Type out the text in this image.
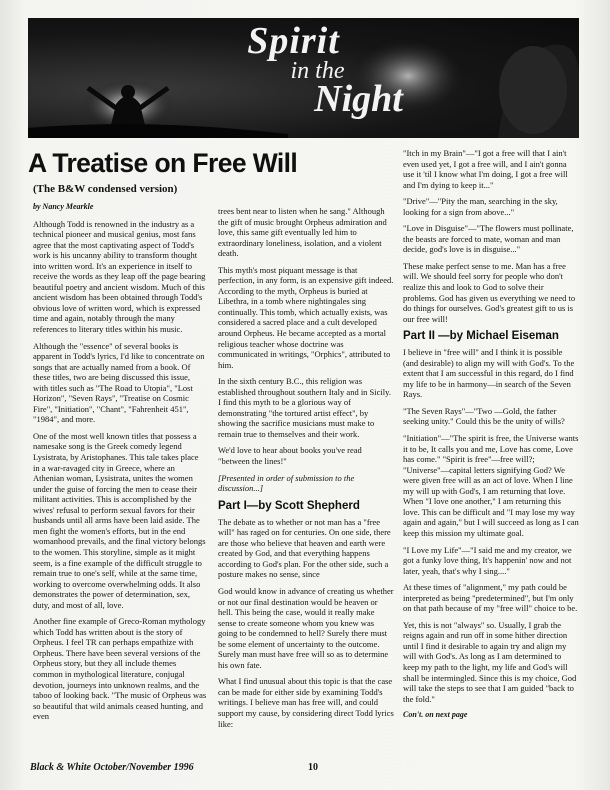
Spirit
in the
Night
A Treatise on Free Will

(The B&W condensed version)

by Nancy Mearkle

Although Todd is renowned in the industry as a technical pioneer and musical genius, most fans agree that the most captivating aspect of Todd's work is his uncanny ability to transform thought into written word. It's an experience in itself to receive the words as they leap off the page bearing beautiful poetry and ancient wisdom. Much of this ancient wisdom has been obtained through Todd's obvious love of written word, which is expressed time and again, notably through the many references to literary titles within his music.

Although the "essence" of several books is apparent in Todd's lyrics, I'd like to concentrate on songs that are actually named from a book. Of these titles, two are being discussed this issue, with titles such as "The Road to Utopia", "Lost Horizon", "Seven Rays", "Treatise on Cosmic Fire", "Initiation", "Chant", "Fahrenheit 451", "1984", and more.

One of the most well known titles that possess a namesake song is the Greek comedy legend Lysistrata, by Aristophanes. This tale takes place in a war-ravaged city in Greece, where an Athenian woman, Lysistrata, unites the women under the guise of forcing the men to cease their militant activities. This is accomplished by the wives' refusal to perform sexual favors for their husbands until all arms have been laid aside. The men fight the women's efforts, but in the end womanhood prevails, and the final victory belongs to the women. This storyline, simple as it might seem, is a fine example of the difficult struggle to remain true to one's self, while at the same time, working to overcome overwhelming odds. It also demonstrates the power of determination, sex, duty, and most of all, love.

Another fine example of Greco-Roman mythology which Todd has written about is the story of Orpheus. I feel TR can perhaps empathize with Orpheus. There have been several versions of the Orpheus story, but they all include themes common in mythological literature, conjugal devotion, journeys into unknown realms, and the taboo of looking back. "The music of Orpheus was so beautiful that wild animals ceased hunting, and even

trees bent near to listen when he sang." Although the gift of music brought Orpheus admiration and love, this same gift eventually led him to extraordinary loneliness, isolation, and a violent death.

This myth's most piquant message is that perfection, in any form, is an expensive gift indeed. According to the myth, Orpheus is buried at Libethra, in a tomb where nightingales sing continually. This tomb, which actually exists, was considered a sacred place and a cult developed around Orpheus. He became accepted as a mortal religious teacher whose doctrine was communicated in writings, "Orphics", attributed to him.

In the sixth century B.C., this religion was established throughout southern Italy and in Sicily. I find this myth to be a glorious way of demonstrating "the tortured artist effect", by showing the sacrifice musicians must make to remain true to themselves and their work.

We'd love to hear about books you've read "between the lines!"

[Presented in order of submission to the discussion...]

Part I—by Scott Shepherd

The debate as to whether or not man has a "free will" has raged on for centuries. On one side, there are those who believe that heaven and earth were created by God, and that everything happens according to God's plan. For the other side, such a posture makes no sense, since

God would know in advance of creating us whether or not our final destination would be heaven or hell. This being the case, would it really make sense to create someone whom you knew was going to be condemned to hell? Surely there must be some element of uncertainty to the outcome. Surely man must have free will so as to determine his own fate.

What I find unusual about this topic is that the case can be made for either side by examining Todd's writings. I believe man has free will, and could support my cause, by considering direct Todd lyrics like:

"Itch in my Brain"—"I got a free will that I ain't even used yet, I got a free will, and I ain't gonna use it 'til I know what I'm doing, I got a free will and I'm dying to keep it..."

"Drive"—"Pity the man, searching in the sky, looking for a sign from above..."

"Love in Disguise"—"The flowers must pollinate, the beasts are forced to mate, woman and man decide, god's love is in disguise..."

These make perfect sense to me. Man has a free will. We should feel sorry for people who don't realize this and look to God to solve their problems. God has given us everything we need to do things for ourselves. God's greatest gift to us is our free will!

Part II —by Michael Eiseman

I believe in "free will" and I think it is possible (and desirable) to align my will with God's. To the extent that I am successful in this regard, do I find my life to be in harmony—in search of the Seven Rays.

"The Seven Rays"—"Two —Gold, the father seeking unity." Could this be the unity of wills?

"Initiation"—"The spirit is free, the Universe wants it to be, It calls you and me, Love has come, Love has come." "Spirit is free"—free will?; "Universe"—capital letters signifying God? We were given free will as an act of love. When I line my will up with God's, I am returning that love. When "I love one another," I am returning this love. This can be difficult and "I may lose my way again and again," but I will succeed as long as I can keep this mission my ultimate goal.

"I Love my Life"—"I said me and my creator, we got a funky love thing, It's happenin' now and not later, yeah, that's why I sing...."

At these times of "alignment," my path could be interpreted as being "predetermined", but I'm only on that path because of my "free will" choice to be.

Yet, this is not "always" so. Usually, I grab the reigns again and run off in some hither direction until I find it desirable to again try and align my will with God's. As long as I am determined to keep my path to the light, my life and God's will shall be intermingled. Since this is my choice, God will take the steps to see that I am guided "back to the fold."

Con't. on next page

Black & White October/November 1996	10
